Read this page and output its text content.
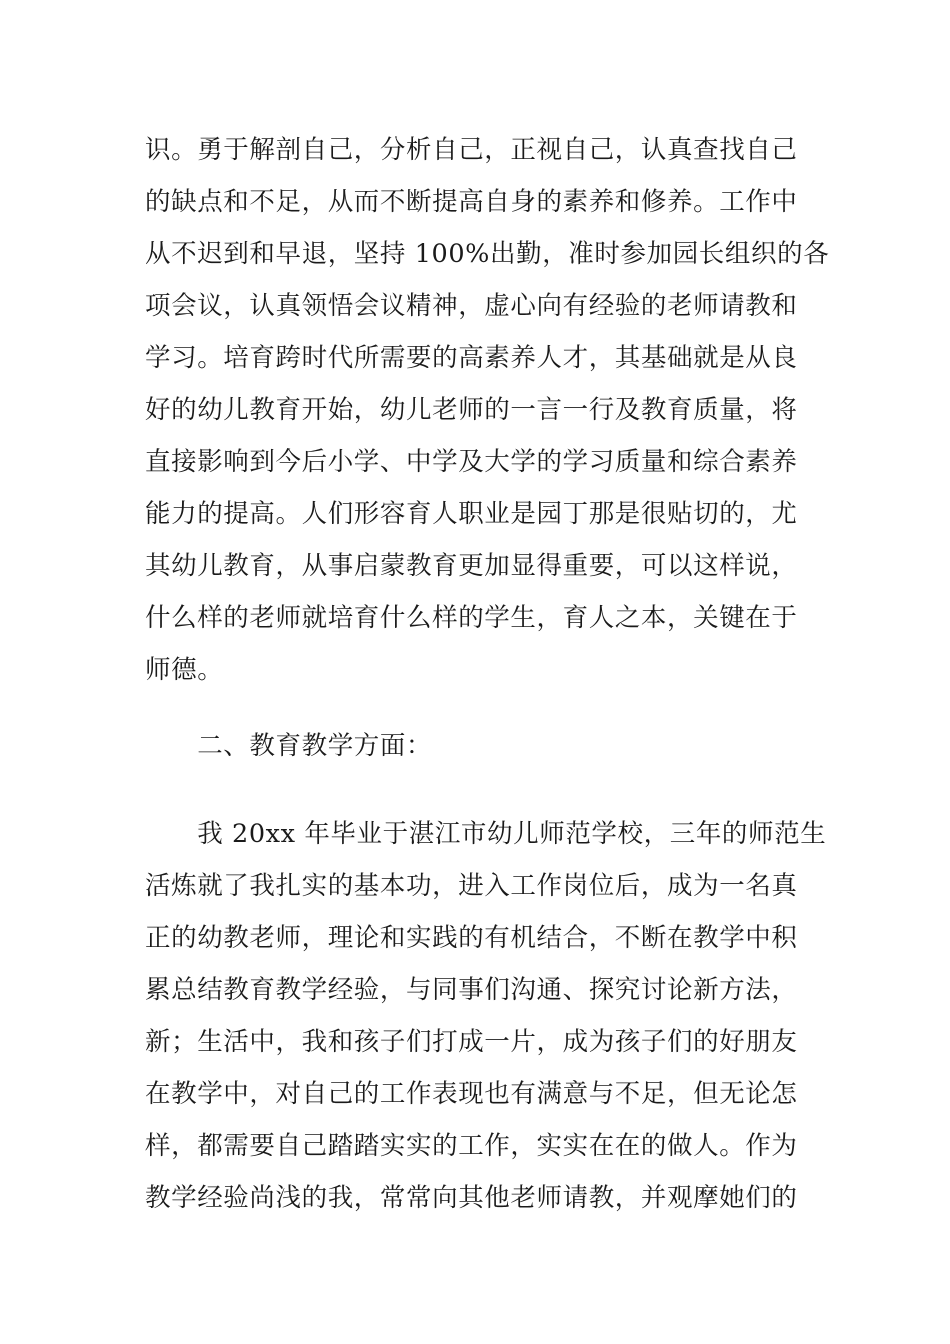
识。勇于解剖自己，分析自己，正视自己，认真查找自己
的缺点和不足，从而不断提高自身的素养和修养。工作中
从不迟到和早退，坚持 100%出勤，准时参加园长组织的各
项会议，认真领悟会议精神，虚心向有经验的老师请教和
学习。培育跨时代所需要的高素养人才，其基础就是从良
好的幼儿教育开始，幼儿老师的一言一行及教育质量，将
直接影响到今后小学、中学及大学的学习质量和综合素养
能力的提高。人们形容育人职业是园丁那是很贴切的，尤
其幼儿教育，从事启蒙教育更加显得重要，可以这样说，
什么样的老师就培育什么样的学生，育人之本，关键在于
师德。
　　二、教育教学方面：
　　我 20xx 年毕业于湛江市幼儿师范学校，三年的师范生
活炼就了我扎实的基本功，进入工作岗位后，成为一名真
正的幼教老师，理论和实践的有机结合，不断在教学中积
累总结教育教学经验，与同事们沟通、探究讨论新方法，
新；生活中，我和孩子们打成一片，成为孩子们的好朋友
在教学中，对自己的工作表现也有满意与不足，但无论怎
样，都需要自己踏踏实实的工作，实实在在的做人。作为
教学经验尚浅的我，常常向其他老师请教，并观摩她们的
